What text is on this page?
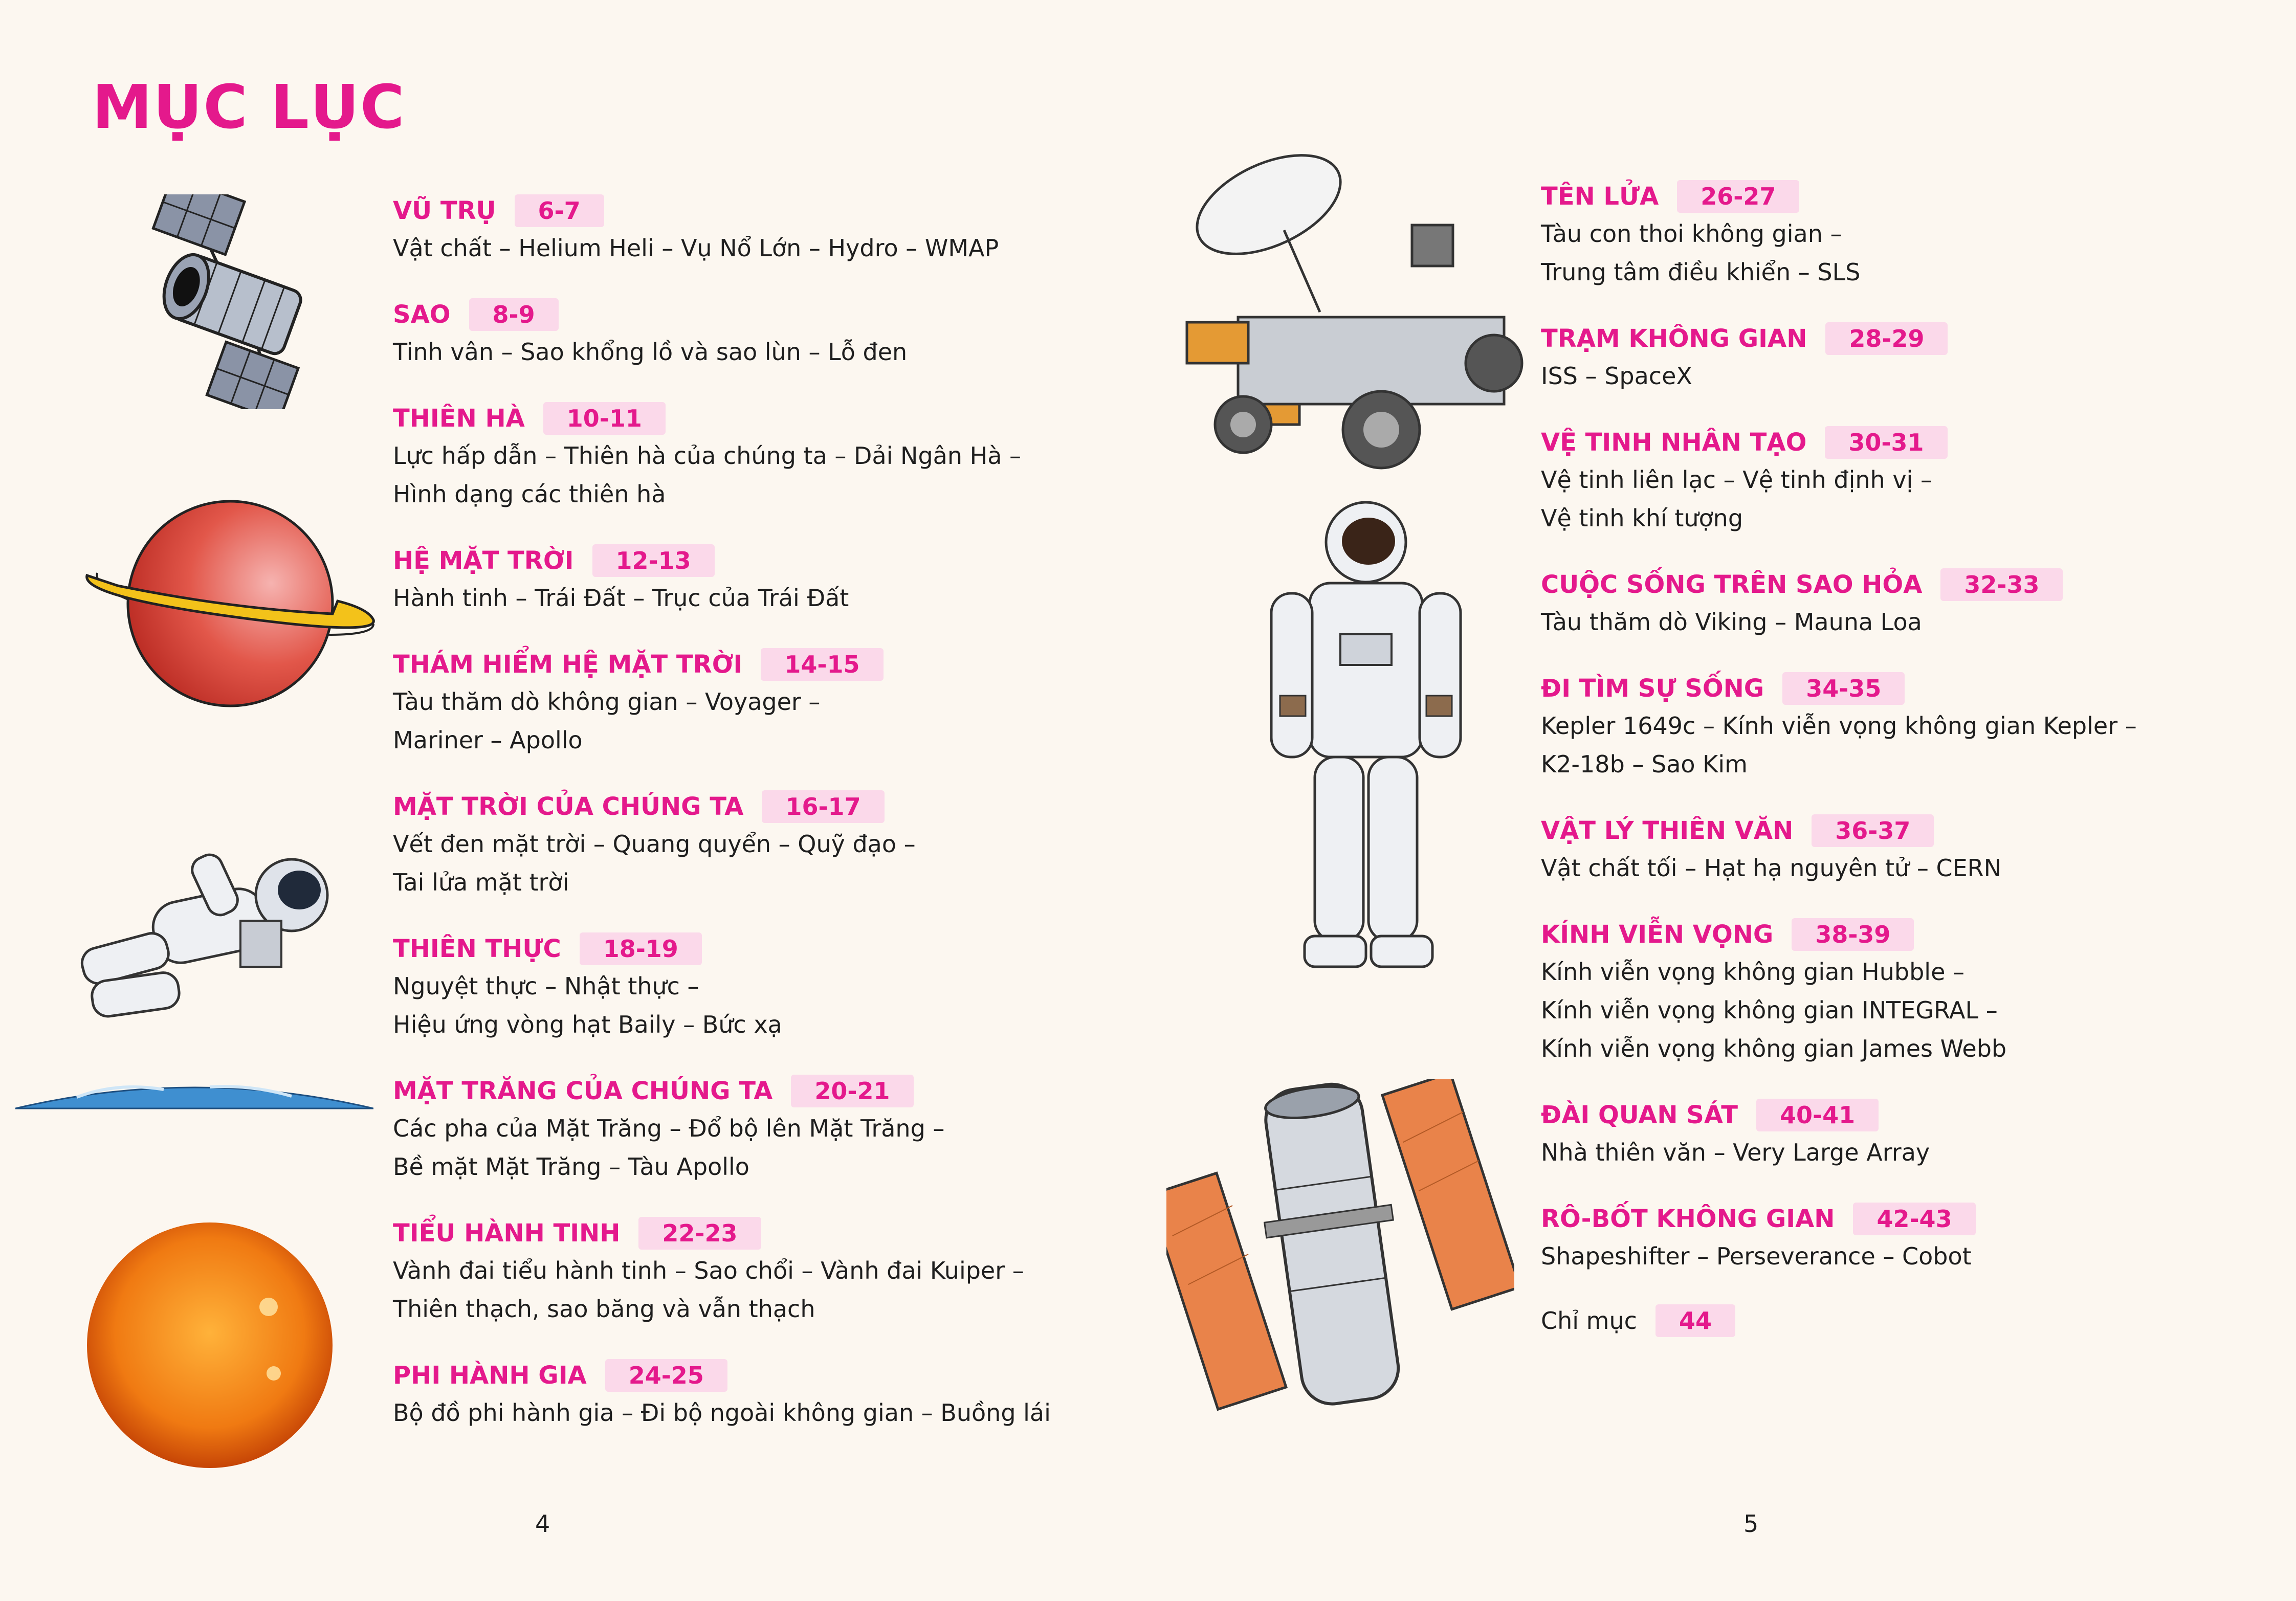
MỤC LỤC
VŨ TRỤ	6-7
Vật chất – Helium Heli – Vụ Nổ Lớn – Hydro – WMAP
SAO	8-9
Tinh vân – Sao khổng lồ và sao lùn – Lỗ đen
THIÊN HÀ	10-11
Lực hấp dẫn – Thiên hà của chúng ta – Dải Ngân Hà –
Hình dạng các thiên hà
HỆ MẶT TRỜI	12-13
Hành tinh – Trái Đất – Trục của Trái Đất
THÁM HIỂM HỆ MẶT TRỜI	14-15
Tàu thăm dò không gian – Voyager –
Mariner – Apollo
MẶT TRỜI CỦA CHÚNG TA	16-17
Vết đen mặt trời – Quang quyển – Quỹ đạo –
Tai lửa mặt trời
THIÊN THỰC	18-19
Nguyệt thực – Nhật thực –
Hiệu ứng vòng hạt Baily – Bức xạ
MẶT TRĂNG CỦA CHÚNG TA	20-21
Các pha của Mặt Trăng – Đổ bộ lên Mặt Trăng –
Bề mặt Mặt Trăng – Tàu Apollo
TIỂU HÀNH TINH	22-23
Vành đai tiểu hành tinh – Sao chổi – Vành đai Kuiper –
Thiên thạch, sao băng và vẫn thạch
PHI HÀNH GIA	24-25
Bộ đồ phi hành gia – Đi bộ ngoài không gian – Buồng lái
TÊN LỬA	26-27
Tàu con thoi không gian –
Trung tâm điều khiển – SLS
TRẠM KHÔNG GIAN	28-29
ISS – SpaceX
VỆ TINH NHÂN TẠO	30-31
Vệ tinh liên lạc – Vệ tinh định vị –
Vệ tinh khí tượng
CUỘC SỐNG TRÊN SAO HỎA	32-33
Tàu thăm dò Viking – Mauna Loa
ĐI TÌM SỰ SỐNG	34-35
Kepler 1649c – Kính viễn vọng không gian Kepler –
K2-18b – Sao Kim
VẬT LÝ THIÊN VĂN	36-37
Vật chất tối – Hạt hạ nguyên tử – CERN
KÍNH VIỄN VỌNG	38-39
Kính viễn vọng không gian Hubble –
Kính viễn vọng không gian INTEGRAL –
Kính viễn vọng không gian James Webb
ĐÀI QUAN SÁT	40-41
Nhà thiên văn – Very Large Array
RÔ-BỐT KHÔNG GIAN	42-43
Shapeshifter – Perseverance – Cobot
Chỉ mục	44
4	5
